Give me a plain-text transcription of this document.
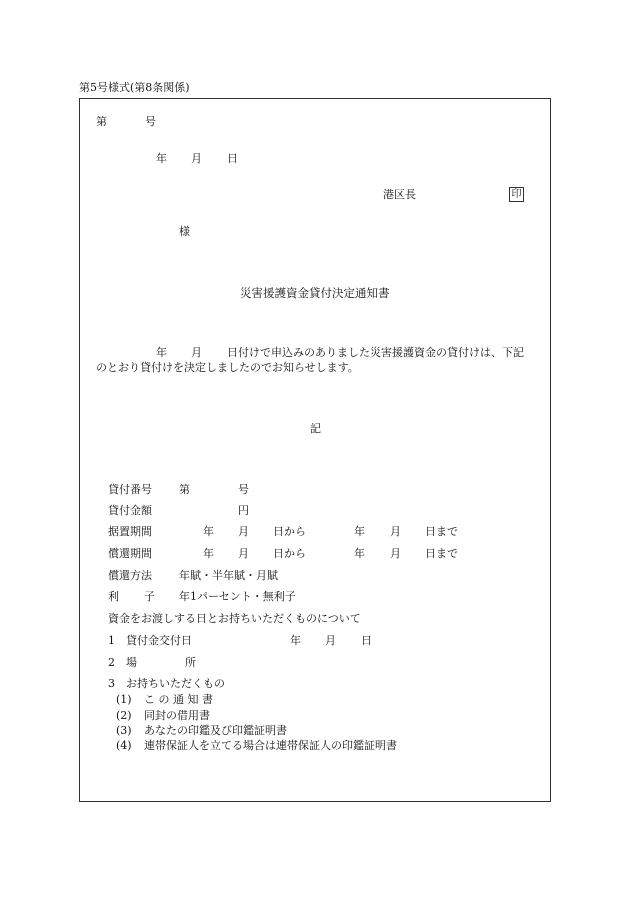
第5号様式(第8条関係)
第	号
年 月 日
港区長	印
様
災害援護資金貸付決定通知書
年 月 日付けで申込みのありました災害援護資金の貸付けは、下記
のとおり貸付けを決定しましたのでお知らせします。
記
貸付番号 第	号
貸付金額	円
据置期間	年 月 日から	年 月 日まで
償還期間	年 月 日から	年 月 日まで
償還方法 年賦・半年賦・月賦
利 子 年1パーセント・無利子
資金をお渡しする日とお持ちいただくものについて
1 貸付金交付日	年 月 日
2 場	所
3 お持ちいただくもの
(1) こ の 通 知 書
(2) 同封の借用書
(3) あなたの印鑑及び印鑑証明書
(4) 連帯保証人を立てる場合は連帯保証人の印鑑証明書
